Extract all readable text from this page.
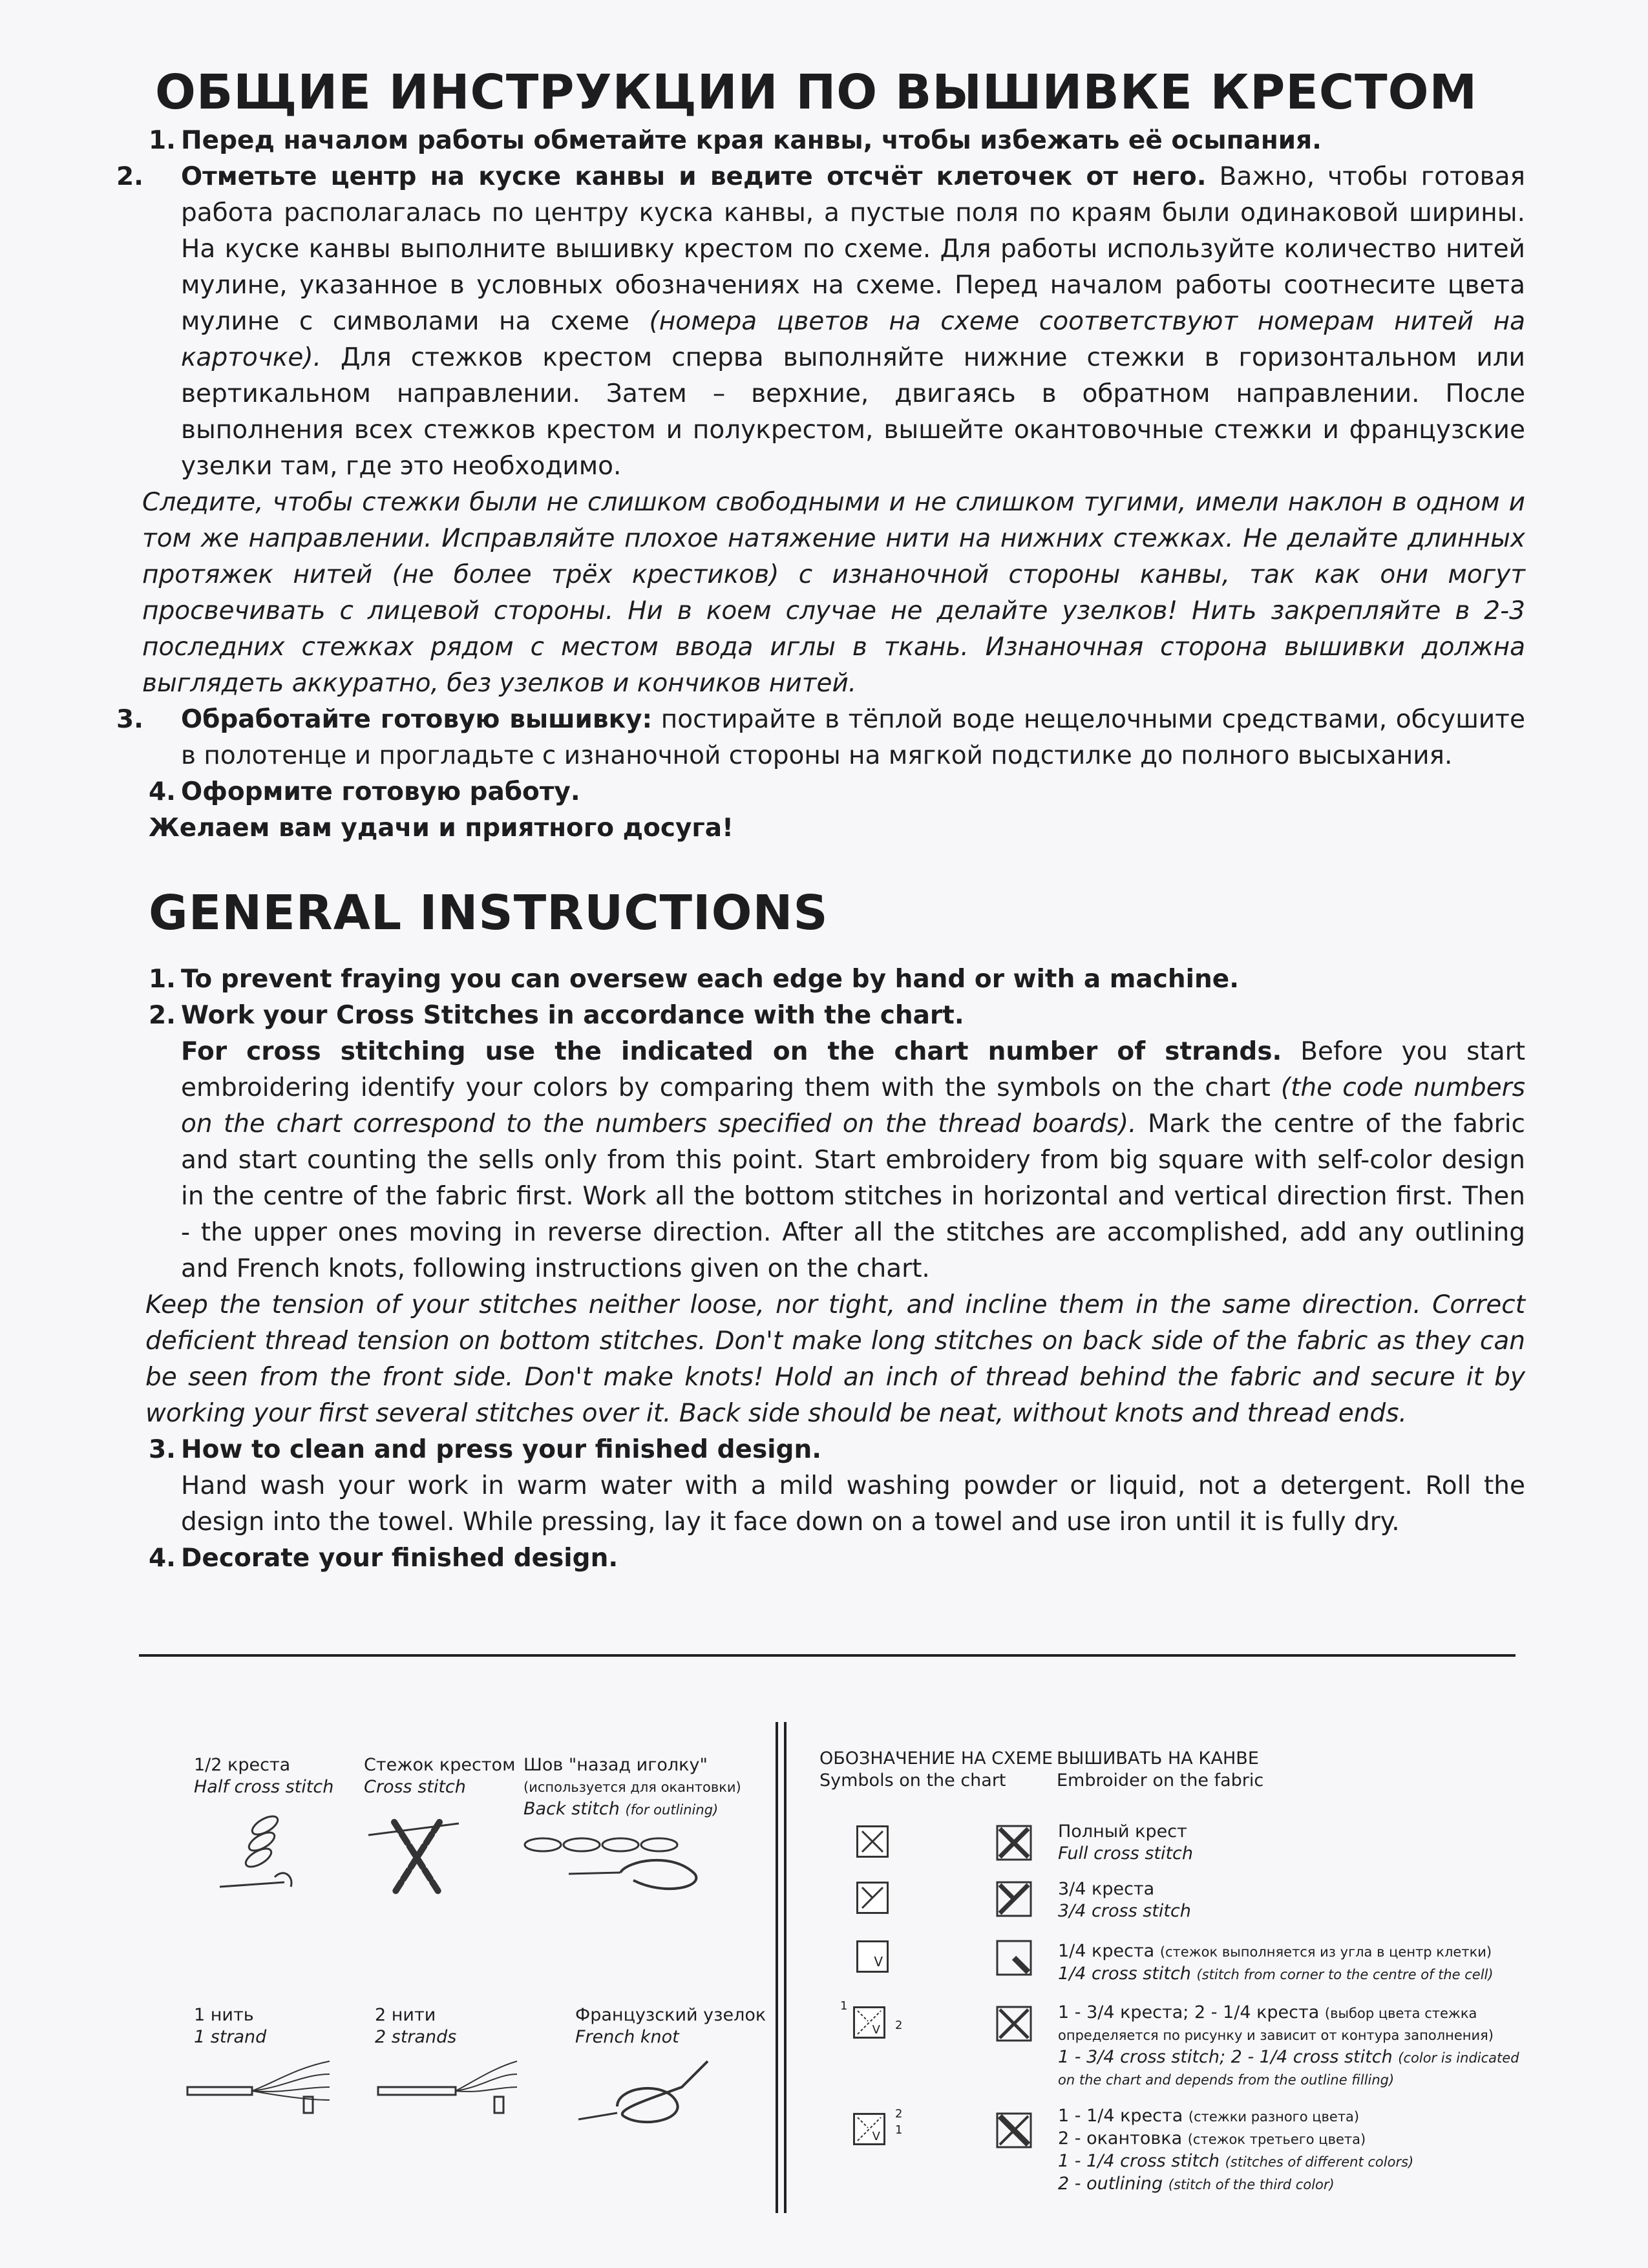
ОБЩИЕ ИНСТРУКЦИИ ПО ВЫШИВКЕ КРЕСТОМ

1. Перед началом работы обметайте края канвы, чтобы избежать её осыпания.

2. Отметьте центр на куске канвы и ведите отсчёт клеточек от него. Важно, чтобы готовая работа располагалась по центру куска канвы, а пустые поля по краям были одинаковой ширины. На куске канвы выполните вышивку крестом по схеме. Для работы используйте количество нитей мулине, указанное в условных обозначениях на схеме. Перед началом работы соотнесите цвета мулине с символами на схеме (номера цветов на схеме соответствуют номерам нитей на карточке). Для стежков крестом сперва выполняйте нижние стежки в горизонтальном или вертикальном направлении. Затем – верхние, двигаясь в обратном направлении. После выполнения всех стежков крестом и полукрестом, вышейте окантовочные стежки и французские узелки там, где это необходимо.

Следите, чтобы стежки были не слишком свободными и не слишком тугими, имели наклон в одном и том же направлении. Исправляйте плохое натяжение нити на нижних стежках. Не делайте длинных протяжек нитей (не более трёх крестиков) с изнаночной стороны канвы, так как они могут просвечивать с лицевой стороны. Ни в коем случае не делайте узелков! Нить закрепляйте в 2-3 последних стежках рядом с местом ввода иглы в ткань. Изнаночная сторона вышивки должна выглядеть аккуратно, без узелков и кончиков нитей.

3. Обработайте готовую вышивку: постирайте в тёплой воде нещелочными средствами, обсушите в полотенце и прогладьте с изнаночной стороны на мягкой подстилке до полного высыхания.

4. Оформите готовую работу.

Желаем вам удачи и приятного досуга!

GENERAL INSTRUCTIONS

1. To prevent fraying you can oversew each edge by hand or with a machine.

2. Work your Cross Stitches in accordance with the chart.

For cross stitching use the indicated on the chart number of strands. Before you start embroidering identify your colors by comparing them with the symbols on the chart (the code numbers on the chart correspond to the numbers specified on the thread boards). Mark the centre of the fabric and start counting the sells only from this point. Start embroidery from big square with self-color design in the centre of the fabric first. Work all the bottom stitches in horizontal and vertical direction first. Then - the upper ones moving in reverse direction. After all the stitches are accomplished, add any outlining and French knots, following instructions given on the chart.

Keep the tension of your stitches neither loose, nor tight, and incline them in the same direction. Correct deficient thread tension on bottom stitches. Don't make long stitches on back side of the fabric as they can be seen from the front side. Don't make knots! Hold an inch of thread behind the fabric and secure it by working your first several stitches over it. Back side should be neat, without knots and thread ends.

3. How to clean and press your finished design.

Hand wash your work in warm water with a mild washing powder or liquid, not a detergent. Roll the design into the towel. While pressing, lay it face down on a towel and use iron until it is fully dry.

4. Decorate your finished design.

1/2 креста
Half cross stitch
Стежок крестом
Cross stitch
Шов "назад иголку"
(используется для окантовки)
Back stitch (for outlining)
1 нить
1 strand
2 нити
2 strands
Французский узелок
French knot
ОБОЗНАЧЕНИЕ НА СХЕМЕ
Symbols on the chart
ВЫШИВАТЬ НА КАНВЕ
Embroider on the fabric
Полный крест
Full cross stitch
3/4 креста
3/4 cross stitch
V
1/4 креста (стежок выполняется из угла в центр клетки)
1/4 cross stitch (stitch from corner to the centre of the cell)
V
1
2
1 - 3/4 креста; 2 - 1/4 креста (выбор цвета стежка
определяется по рисунку и зависит от контура заполнения)
1 - 3/4 cross stitch; 2 - 1/4 cross stitch (color is indicated
on the chart and depends from the outline filling)
V
2
1
1 - 1/4 креста (стежки разного цвета)
2 - окантовка (стежок третьего цвета)
1 - 1/4 cross stitch (stitches of different colors)
2 - outlining (stitch of the third color)
